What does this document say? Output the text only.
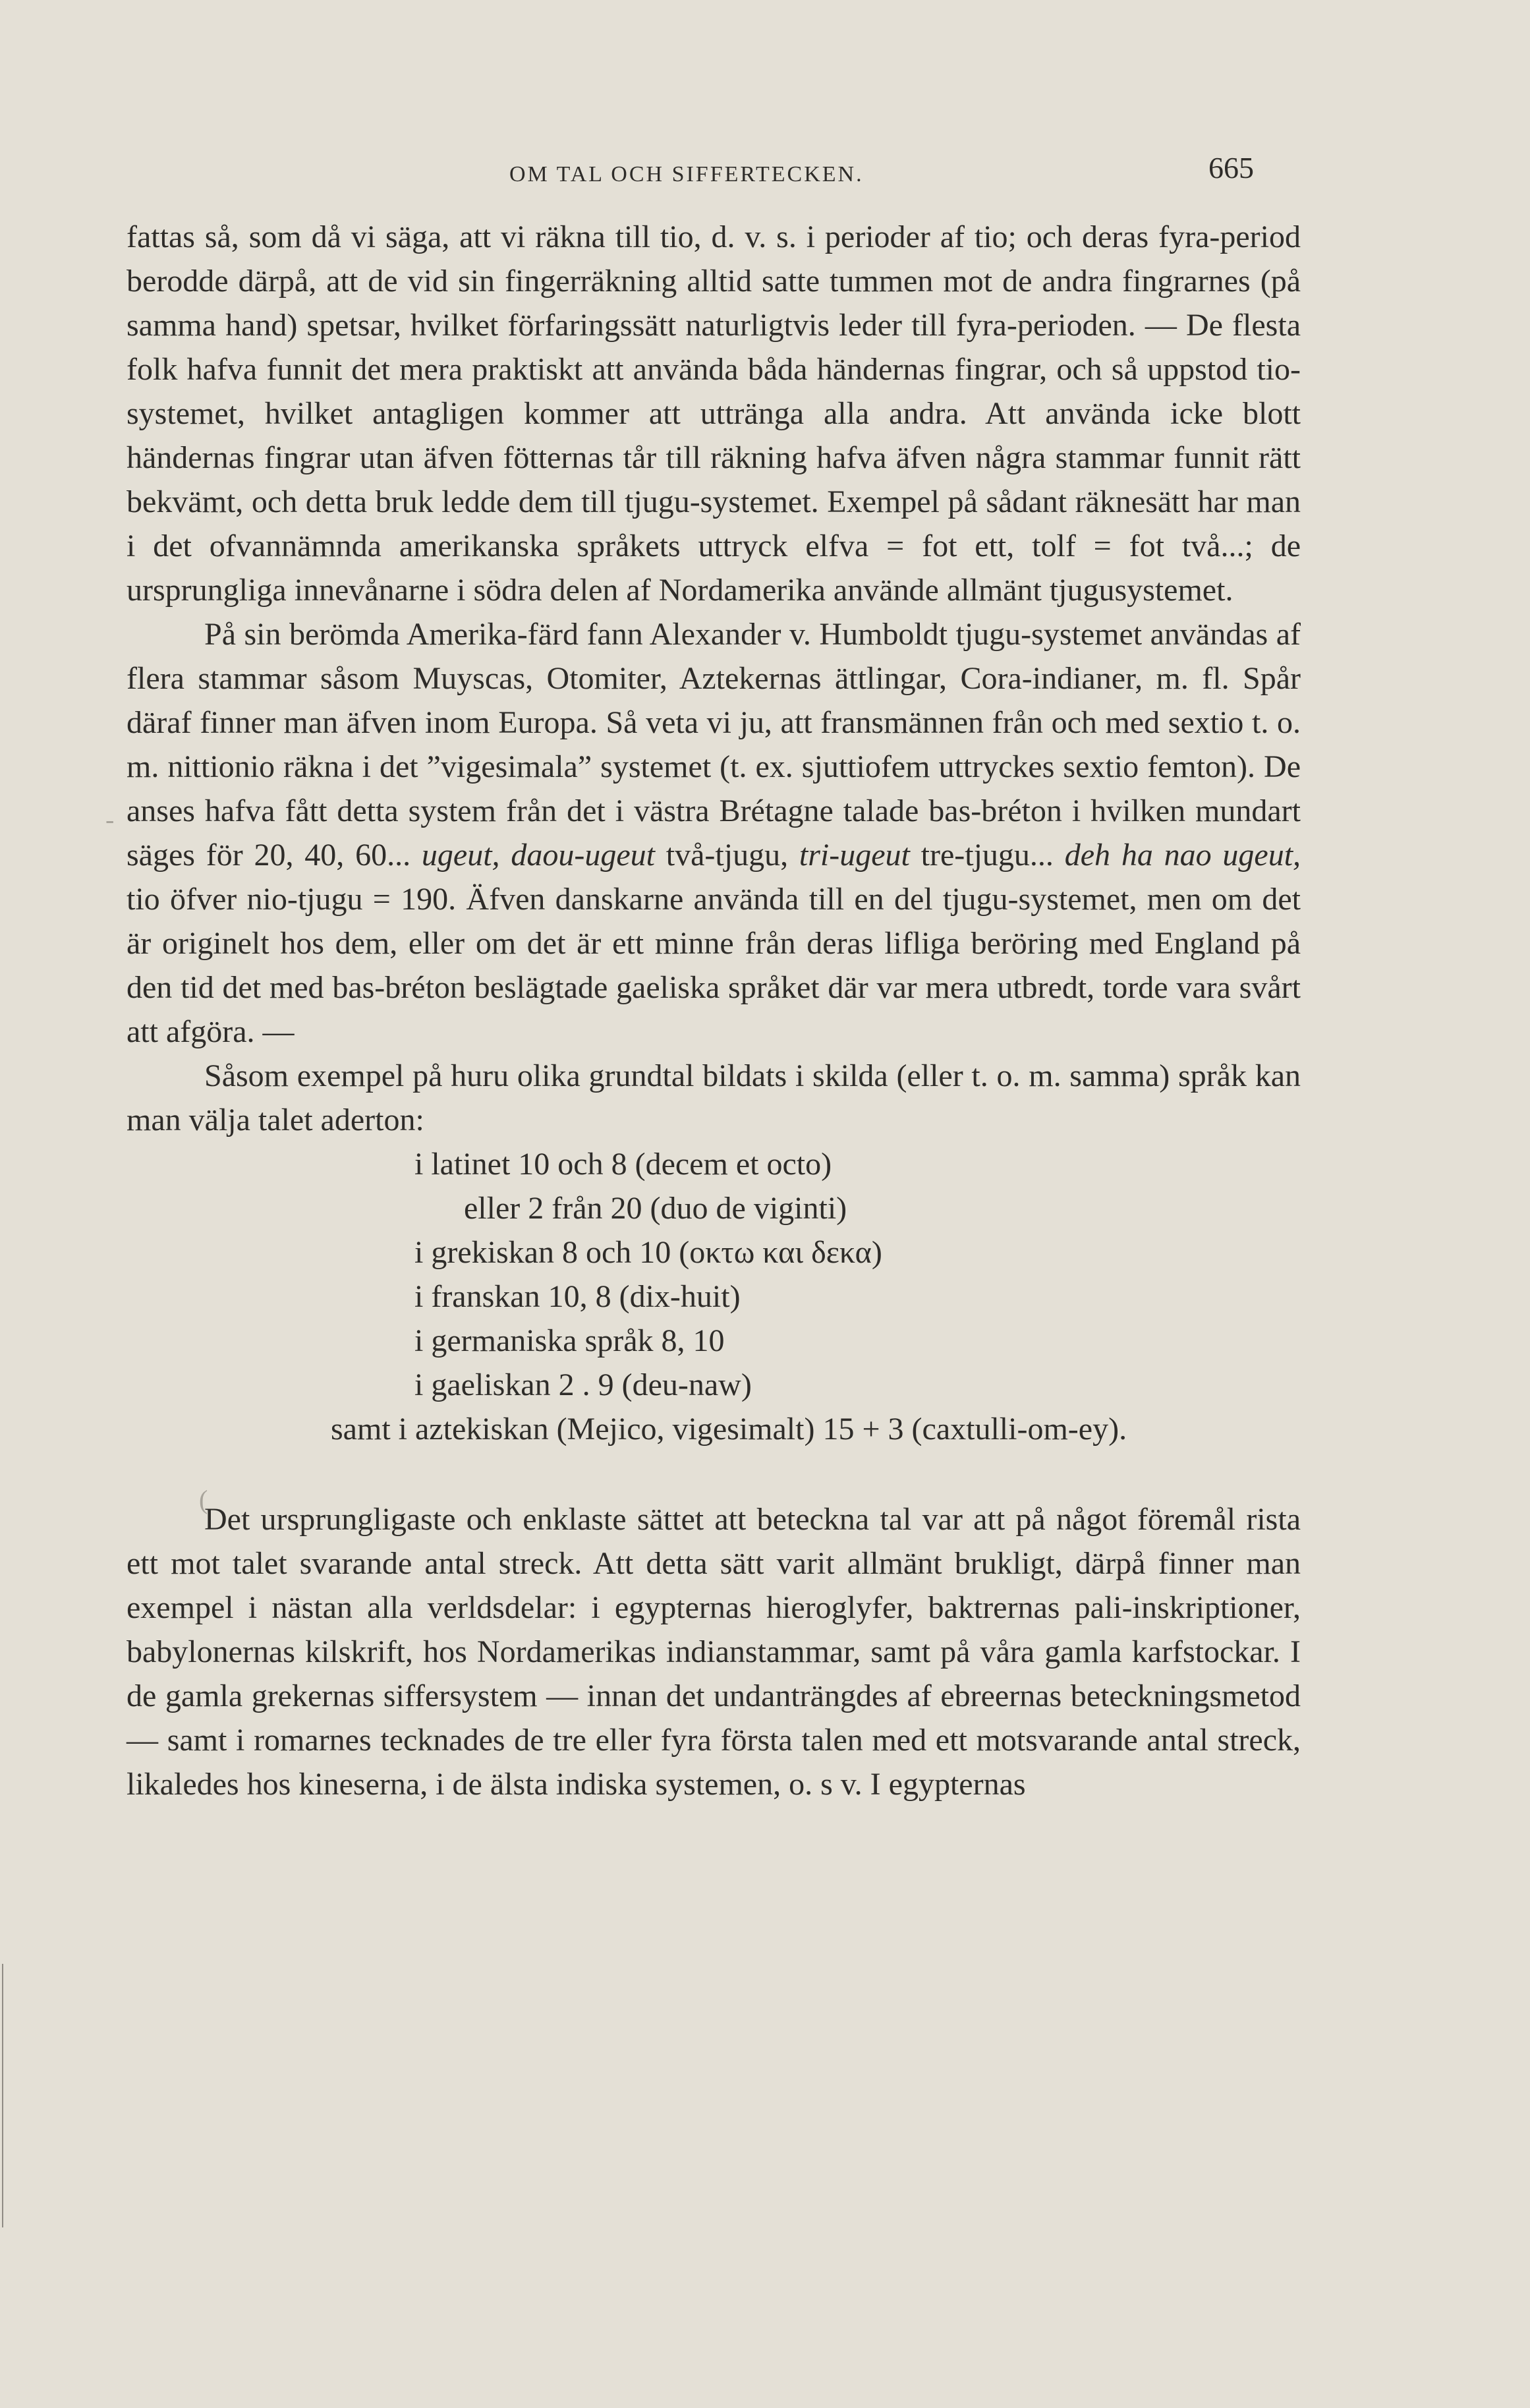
OM TAL OCH SIFFERTECKEN.	665

fattas så, som då vi säga, att vi räkna till tio, d. v. s. i perioder af tio; och deras fyra-period berodde därpå, att de vid sin fingerräkning alltid satte tummen mot de andra fingrarnes (på samma hand) spetsar, hvilket förfaringssätt naturligtvis leder till fyra-perioden. — De flesta folk hafva funnit det mera praktiskt att använda båda händernas fingrar, och så uppstod tio-systemet, hvilket antagligen kommer att uttränga alla andra. Att använda icke blott händernas fingrar utan äfven fötternas tår till räkning hafva äfven några stammar funnit rätt bekvämt, och detta bruk ledde dem till tjugu-systemet. Exempel på sådant räknesätt har man i det ofvannämnda amerikanska språkets uttryck elfva = fot ett, tolf = fot två...; de ursprungliga innevånarne i södra delen af Nordamerika använde allmänt tjugusystemet.

På sin berömda Amerika-färd fann Alexander v. Humboldt tjugu-systemet användas af flera stammar såsom Muyscas, Otomiter, Aztekernas ättlingar, Cora-indianer, m. fl. Spår däraf finner man äfven inom Europa. Så veta vi ju, att fransmännen från och med sextio t. o. m. nittionio räkna i det ”vigesimala” systemet (t. ex. sjuttiofem uttryckes sextio femton). De anses hafva fått detta system från det i västra Brétagne talade bas-bréton i hvilken mundart säges för 20, 40, 60... ugeut, daou-ugeut två-tjugu, tri-ugeut tre-tjugu... deh ha nao ugeut, tio öfver nio-tjugu = 190. Äfven danskarne använda till en del tjugu-systemet, men om det är originelt hos dem, eller om det är ett minne från deras lifliga beröring med England på den tid det med bas-bréton beslägtade gaeliska språket där var mera utbredt, torde vara svårt att afgöra. —

Såsom exempel på huru olika grundtal bildats i skilda (eller t. o. m. samma) språk kan man välja talet aderton:

i latinet 10 och 8 (decem et octo)
eller 2 från 20 (duo de viginti)
i grekiskan 8 och 10 (οκτω και δεκα)
i franskan 10, 8 (dix-huit)
i germaniska språk 8, 10
i gaeliskan 2 . 9 (deu-naw)
samt i aztekiskan (Mejico, vigesimalt) 15 + 3 (caxtulli-om-ey).

Det ursprungligaste och enklaste sättet att beteckna tal var att på något föremål rista ett mot talet svarande antal streck. Att detta sätt varit allmänt brukligt, därpå finner man exempel i nästan alla verldsdelar: i egypternas hieroglyfer, baktrernas pali-inskriptioner, babylonernas kilskrift, hos Nordamerikas indianstammar, samt på våra gamla karfstockar. I de gamla grekernas siffersystem — innan det undanträngdes af ebreernas beteckningsmetod — samt i romarnes tecknades de tre eller fyra första talen med ett motsvarande antal streck, likaledes hos kineserna, i de älsta indiska systemen, o. s v. I egypternas

(
-
